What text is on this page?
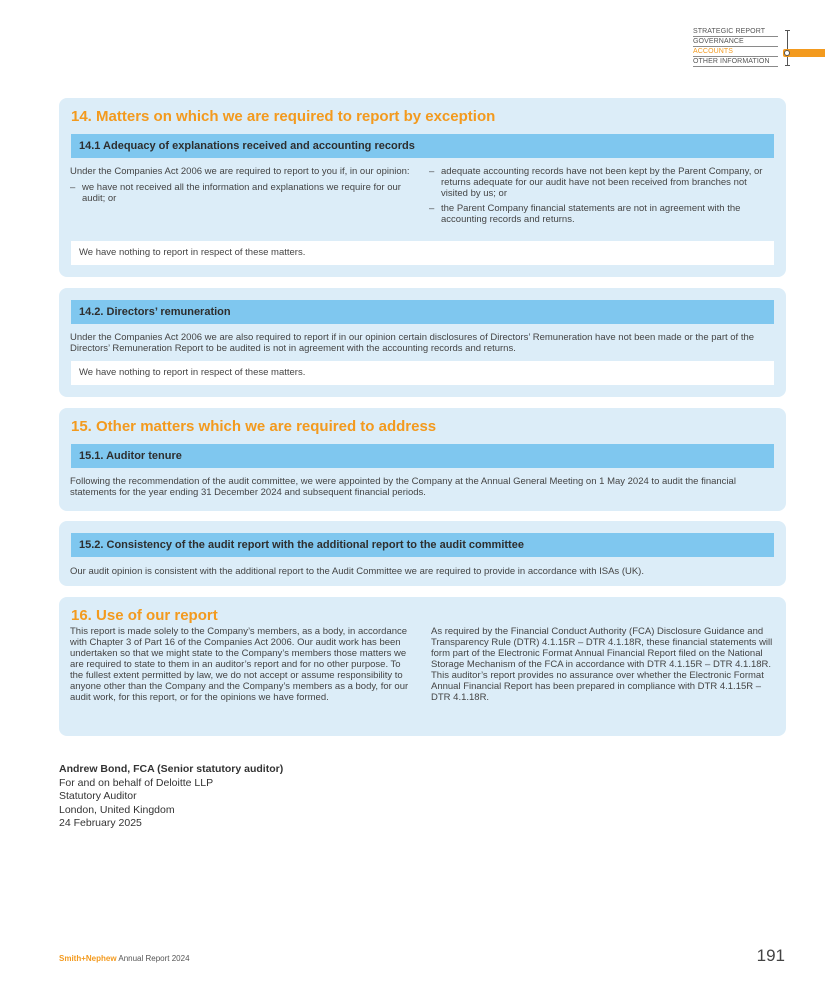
STRATEGIC REPORT
GOVERNANCE
ACCOUNTS
OTHER INFORMATION
14. Matters on which we are required to report by exception
14.1 Adequacy of explanations received and accounting records
Under the Companies Act 2006 we are required to report to you if, in our opinion:
– we have not received all the information and explanations we require for our audit; or
– adequate accounting records have not been kept by the Parent Company, or returns adequate for our audit have not been received from branches not visited by us; or
– the Parent Company financial statements are not in agreement with the accounting records and returns.
We have nothing to report in respect of these matters.
14.2. Directors’ remuneration
Under the Companies Act 2006 we are also required to report if in our opinion certain disclosures of Directors’ Remuneration have not been made or the part of the Directors’ Remuneration Report to be audited is not in agreement with the accounting records and returns.
We have nothing to report in respect of these matters.
15. Other matters which we are required to address
15.1. Auditor tenure
Following the recommendation of the audit committee, we were appointed by the Company at the Annual General Meeting on 1 May 2024 to audit the financial statements for the year ending 31 December 2024 and subsequent financial periods.
15.2. Consistency of the audit report with the additional report to the audit committee
Our audit opinion is consistent with the additional report to the Audit Committee we are required to provide in accordance with ISAs (UK).
16. Use of our report
This report is made solely to the Company’s members, as a body, in accordance with Chapter 3 of Part 16 of the Companies Act 2006. Our audit work has been undertaken so that we might state to the Company’s members those matters we are required to state to them in an auditor’s report and for no other purpose. To the fullest extent permitted by law, we do not accept or assume responsibility to anyone other than the Company and the Company’s members as a body, for our audit work, for this report, or for the opinions we have formed.
As required by the Financial Conduct Authority (FCA) Disclosure Guidance and Transparency Rule (DTR) 4.1.15R – DTR 4.1.18R, these financial statements will form part of the Electronic Format Annual Financial Report filed on the National Storage Mechanism of the FCA in accordance with DTR 4.1.15R – DTR 4.1.18R. This auditor’s report provides no assurance over whether the Electronic Format Annual Financial Report has been prepared in compliance with DTR 4.1.15R – DTR 4.1.18R.
Andrew Bond, FCA (Senior statutory auditor)
For and on behalf of Deloitte LLP
Statutory Auditor
London, United Kingdom
24 February 2025
Smith+Nephew Annual Report 2024	191
